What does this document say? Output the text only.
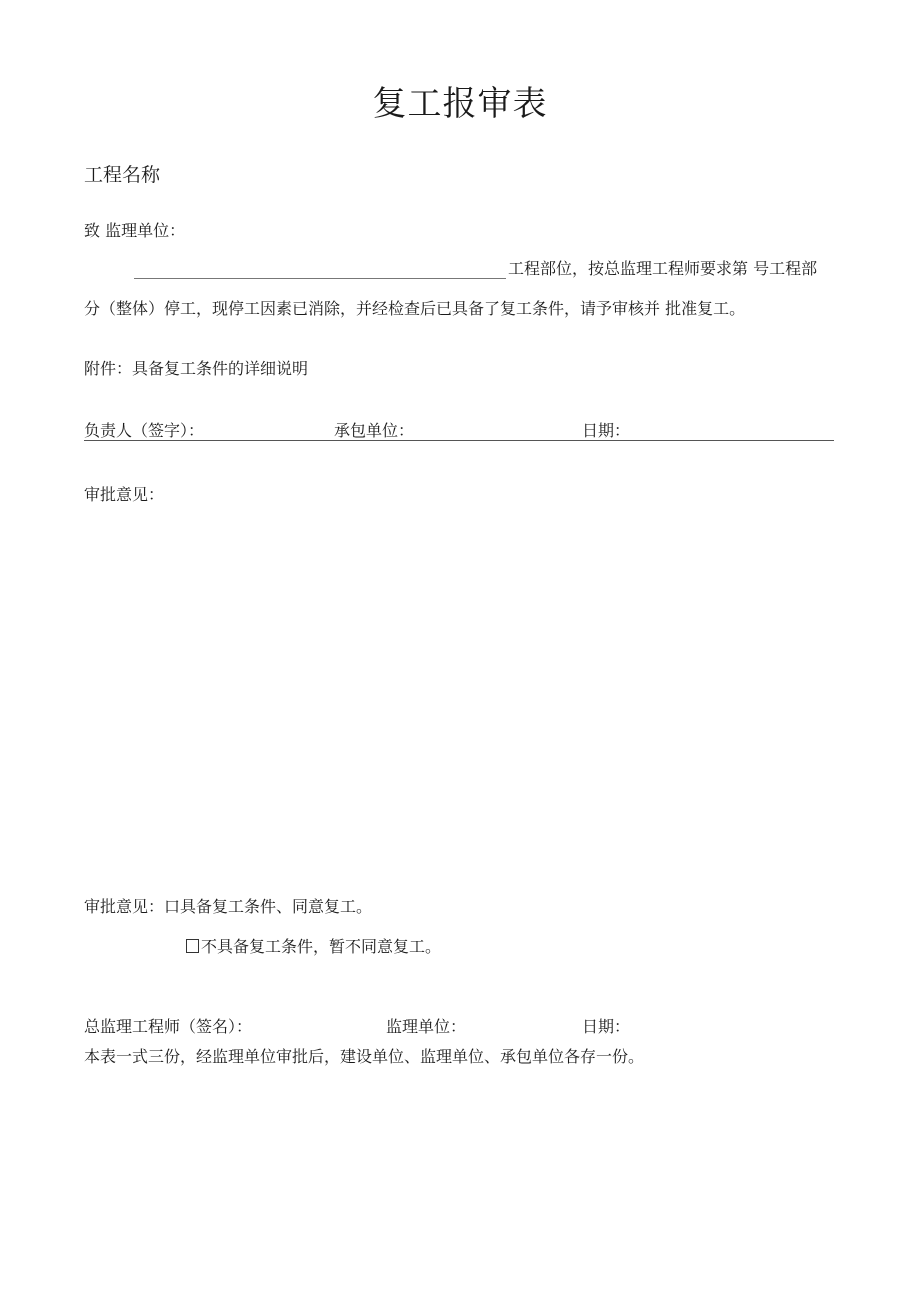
复工报审表
工程名称
致 监理单位：
工程部位，按总监理工程师要求第 号工程部
分（整体）停工，现停工因素已消除，并经检查后已具备了复工条件，请予审核并 批准复工。
附件：具备复工条件的详细说明
负责人（签字）：	承包单位：	日期：
审批意见：
审批意见：口具备复工条件、同意复工。
不具备复工条件，暂不同意复工。
总监理工程师（签名）：	监理单位：	日期：
本表一式三份，经监理单位审批后，建设单位、监理单位、承包单位各存一份。
